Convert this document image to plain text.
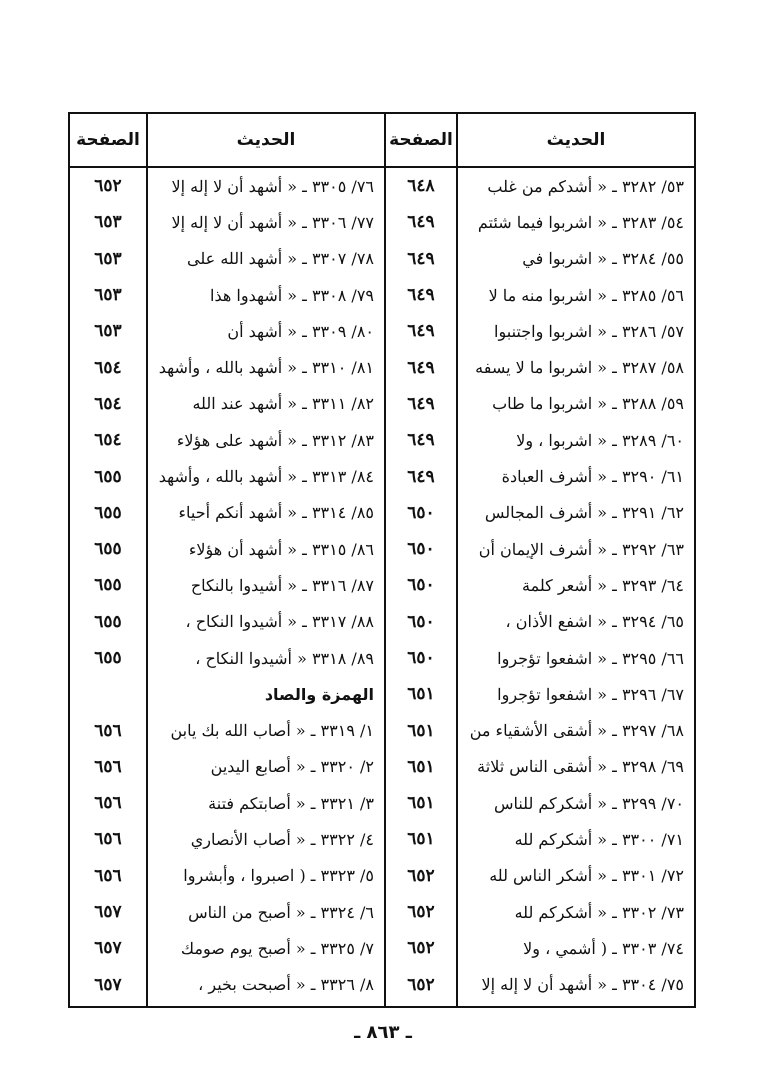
الحديث
الصفحة
الحديث
الصفحة
٥٣/ ٣٢٨٢ ـ « أشدكم من غلب
٥٤/ ٣٢٨٣ ـ « اشربوا فيما شئتم
٥٥/ ٣٢٨٤ ـ « اشربوا في
٥٦/ ٣٢٨٥ ـ « اشربوا منه ما لا
٥٧/ ٣٢٨٦ ـ « اشربوا واجتنبوا
٥٨/ ٣٢٨٧ ـ « اشربوا ما لا يسفه
٥٩/ ٣٢٨٨ ـ « اشربوا ما طاب
٦٠/ ٣٢٨٩ ـ « اشربوا ، ولا
٦١/ ٣٢٩٠ ـ « أشرف العبادة
٦٢/ ٣٢٩١ ـ « أشرف المجالس
٦٣/ ٣٢٩٢ ـ « أشرف الإيمان أن
٦٤/ ٣٢٩٣ ـ « أشعر كلمة
٦٥/ ٣٢٩٤ ـ « اشفع الأذان ،
٦٦/ ٣٢٩٥ ـ « اشفعوا تؤجروا
٦٧/ ٣٢٩٦ ـ « اشفعوا تؤجروا
٦٨/ ٣٢٩٧ ـ « أشقى الأشقياء من
٦٩/ ٣٢٩٨ ـ « أشقى الناس ثلاثة
٧٠/ ٣٢٩٩ ـ « أشكركم للناس
٧١/ ٣٣٠٠ ـ « أشكركم لله
٧٢/ ٣٣٠١ ـ « أشكر الناس لله
٧٣/ ٣٣٠٢ ـ « أشكركم لله
٧٤/ ٣٣٠٣ ـ ( أشمي ، ولا
٧٥/ ٣٣٠٤ ـ « أشهد أن لا إله إلا
٦٤٨
٦٤٩
٦٤٩
٦٤٩
٦٤٩
٦٤٩
٦٤٩
٦٤٩
٦٤٩
٦٥٠
٦٥٠
٦٥٠
٦٥٠
٦٥٠
٦٥١
٦٥١
٦٥١
٦٥١
٦٥١
٦٥٢
٦٥٢
٦٥٢
٦٥٢
٧٦/ ٣٣٠٥ ـ « أشهد أن لا إله إلا
٧٧/ ٣٣٠٦ ـ « أشهد أن لا إله إلا
٧٨/ ٣٣٠٧ ـ « أشهد الله على
٧٩/ ٣٣٠٨ ـ « أشهدوا هذا
٨٠/ ٣٣٠٩ ـ « أشهد أن
٨١/ ٣٣١٠ ـ « أشهد بالله ، وأشهد
٨٢/ ٣٣١١ ـ « أشهد عند الله
٨٣/ ٣٣١٢ ـ « أشهد على هؤلاء
٨٤/ ٣٣١٣ ـ « أشهد بالله ، وأشهد
٨٥/ ٣٣١٤ ـ « أشهد أنكم أحياء
٨٦/ ٣٣١٥ ـ « أشهد أن هؤلاء
٨٧/ ٣٣١٦ ـ « أشيدوا بالنكاح
٨٨/ ٣٣١٧ ـ « أشيدوا النكاح ،
٨٩/ ٣٣١٨ « أشيدوا النكاح ،
الهمزة والصاد
١/ ٣٣١٩ ـ « أصاب الله بك يابن
٢/ ٣٣٢٠ ـ « أصابع اليدين
٣/ ٣٣٢١ ـ « أصابتكم فتنة
٤/ ٣٣٢٢ ـ « أصاب الأنصاري
٥/ ٣٣٢٣ ـ ( اصبروا ، وأبشروا
٦/ ٣٣٢٤ ـ « أصبح من الناس
٧/ ٣٣٢٥ ـ « أصبح يوم صومك
٨/ ٣٣٢٦ ـ « أصبحت بخير ،
٦٥٢
٦٥٣
٦٥٣
٦٥٣
٦٥٣
٦٥٤
٦٥٤
٦٥٤
٦٥٥
٦٥٥
٦٥٥
٦٥٥
٦٥٥
٦٥٥
٦٥٦
٦٥٦
٦٥٦
٦٥٦
٦٥٦
٦٥٧
٦٥٧
٦٥٧
ـ ٨٦٣ ـ
